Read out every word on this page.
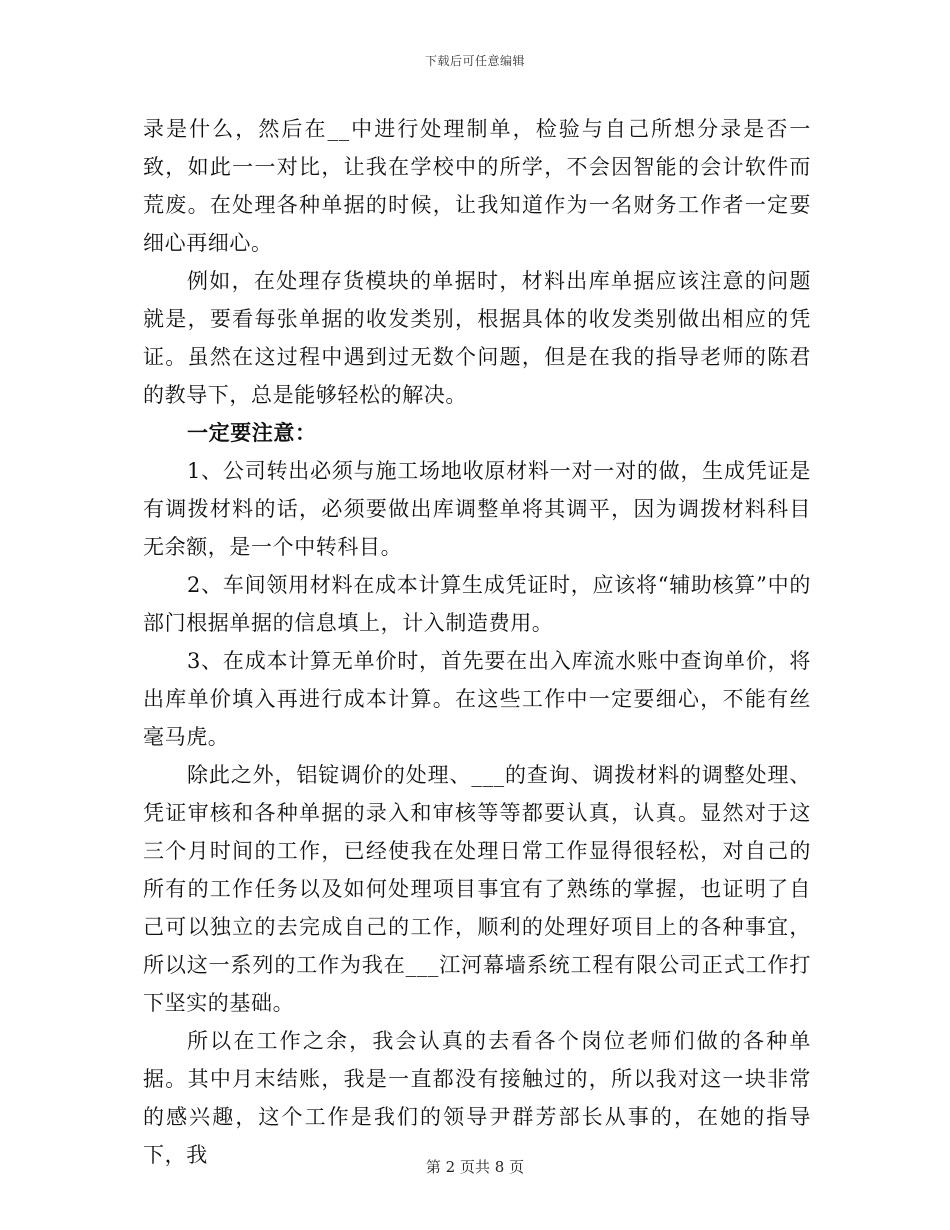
下载后可任意编辑

录是什么，然后在__中进行处理制单，检验与自己所想分录是否一致，如此一一对比，让我在学校中的所学，不会因智能的会计软件而荒废。在处理各种单据的时候，让我知道作为一名财务工作者一定要细心再细心。

例如，在处理存货模块的单据时，材料出库单据应该注意的问题就是，要看每张单据的收发类别，根据具体的收发类别做出相应的凭证。虽然在这过程中遇到过无数个问题，但是在我的指导老师的陈君的教导下，总是能够轻松的解决。

一定要注意：

1、公司转出必须与施工场地收原材料一对一对的做，生成凭证是有调拨材料的话，必须要做出库调整单将其调平，因为调拨材料科目无余额，是一个中转科目。

2、车间领用材料在成本计算生成凭证时，应该将“辅助核算”中的部门根据单据的信息填上，计入制造费用。

3、在成本计算无单价时，首先要在出入库流水账中查询单价，将出库单价填入再进行成本计算。在这些工作中一定要细心，不能有丝毫马虎。

除此之外，铝锭调价的处理、___的查询、调拨材料的调整处理、凭证审核和各种单据的录入和审核等等都要认真，认真。显然对于这三个月时间的工作，已经使我在处理日常工作显得很轻松，对自己的所有的工作任务以及如何处理项目事宜有了熟练的掌握，也证明了自己可以独立的去完成自己的工作，顺利的处理好项目上的各种事宜，所以这一系列的工作为我在___江河幕墙系统工程有限公司正式工作打下坚实的基础。

所以在工作之余，我会认真的去看各个岗位老师们做的各种单据。其中月末结账，我是一直都没有接触过的，所以我对这一块非常的感兴趣，这个工作是我们的领导尹群芳部长从事的，在她的指导下，我	第 2 页共 8 页
